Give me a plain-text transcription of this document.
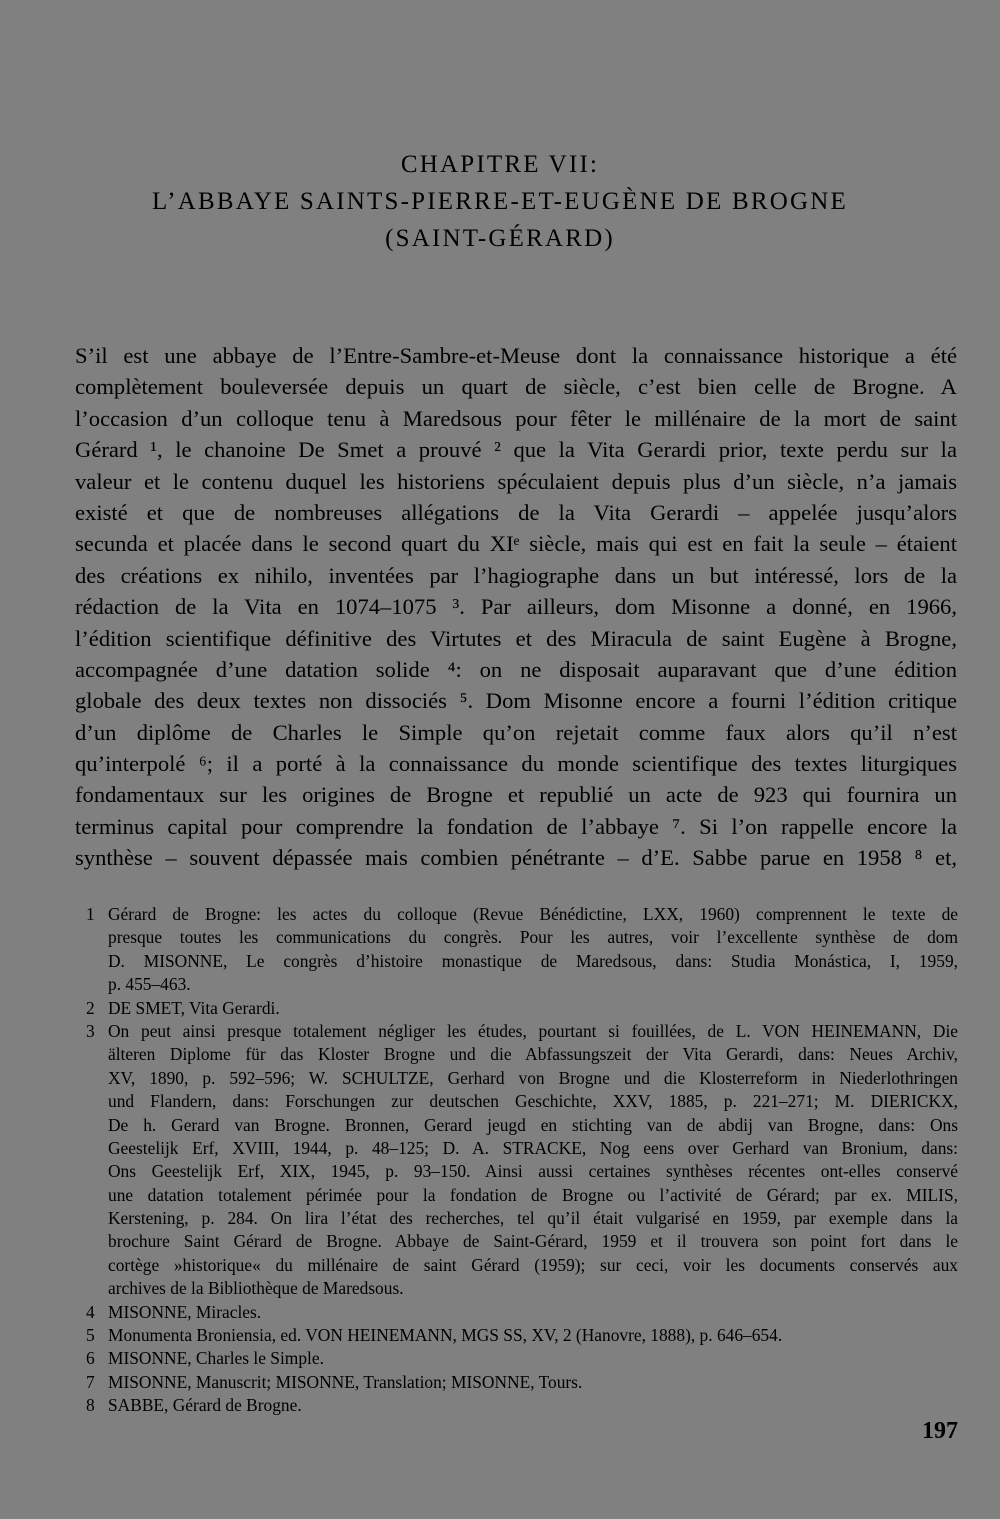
CHAPITRE VII:
L’ABBAYE SAINTS-PIERRE-ET-EUGÈNE DE BROGNE
(SAINT-GÉRARD)
S’il est une abbaye de l’Entre-Sambre-et-Meuse dont la connaissance historique a été
complètement bouleversée depuis un quart de siècle, c’est bien celle de Brogne. A
l’occasion d’un colloque tenu à Maredsous pour fêter le millénaire de la mort de saint
Gérard ¹, le chanoine De Smet a prouvé ² que la Vita Gerardi prior, texte perdu sur la
valeur et le contenu duquel les historiens spéculaient depuis plus d’un siècle, n’a jamais
existé et que de nombreuses allégations de la Vita Gerardi – appelée jusqu’alors
secunda et placée dans le second quart du XIᵉ siècle, mais qui est en fait la seule – étaient
des créations ex nihilo, inventées par l’hagiographe dans un but intéressé, lors de la
rédaction de la Vita en 1074–1075 ³. Par ailleurs, dom Misonne a donné, en 1966,
l’édition scientifique définitive des Virtutes et des Miracula de saint Eugène à Brogne,
accompagnée d’une datation solide ⁴: on ne disposait auparavant que d’une édition
globale des deux textes non dissociés ⁵. Dom Misonne encore a fourni l’édition critique
d’un diplôme de Charles le Simple qu’on rejetait comme faux alors qu’il n’est
qu’interpolé ⁶; il a porté à la connaissance du monde scientifique des textes liturgiques
fondamentaux sur les origines de Brogne et republié un acte de 923 qui fournira un
terminus capital pour comprendre la fondation de l’abbaye ⁷. Si l’on rappelle encore la
synthèse – souvent dépassée mais combien pénétrante – d’E. Sabbe parue en 1958 ⁸ et,
1 Gérard de Brogne: les actes du colloque (Revue Bénédictine, LXX, 1960) comprennent le texte de
presque toutes les communications du congrès. Pour les autres, voir l’excellente synthèse de dom
D. MISONNE, Le congrès d’histoire monastique de Maredsous, dans: Studia Monástica, I, 1959,
p. 455–463.
2 DE SMET, Vita Gerardi.
3 On peut ainsi presque totalement négliger les études, pourtant si fouillées, de L. VON HEINEMANN, Die
älteren Diplome für das Kloster Brogne und die Abfassungszeit der Vita Gerardi, dans: Neues Archiv,
XV, 1890, p. 592–596; W. SCHULTZE, Gerhard von Brogne und die Klosterreform in Niederlothringen
und Flandern, dans: Forschungen zur deutschen Geschichte, XXV, 1885, p. 221–271; M. DIERICKX,
De h. Gerard van Brogne. Bronnen, Gerard jeugd en stichting van de abdij van Brogne, dans: Ons
Geestelijk Erf, XVIII, 1944, p. 48–125; D. A. STRACKE, Nog eens over Gerhard van Bronium, dans:
Ons Geestelijk Erf, XIX, 1945, p. 93–150. Ainsi aussi certaines synthèses récentes ont-elles conservé
une datation totalement périmée pour la fondation de Brogne ou l’activité de Gérard; par ex. MILIS,
Kerstening, p. 284. On lira l’état des recherches, tel qu’il était vulgarisé en 1959, par exemple dans la
brochure Saint Gérard de Brogne. Abbaye de Saint-Gérard, 1959 et il trouvera son point fort dans le
cortège »historique« du millénaire de saint Gérard (1959); sur ceci, voir les documents conservés aux
archives de la Bibliothèque de Maredsous.
4 MISONNE, Miracles.
5 Monumenta Broniensia, ed. VON HEINEMANN, MGS SS, XV, 2 (Hanovre, 1888), p. 646–654.
6 MISONNE, Charles le Simple.
7 MISONNE, Manuscrit; MISONNE, Translation; MISONNE, Tours.
8 SABBE, Gérard de Brogne.
197
